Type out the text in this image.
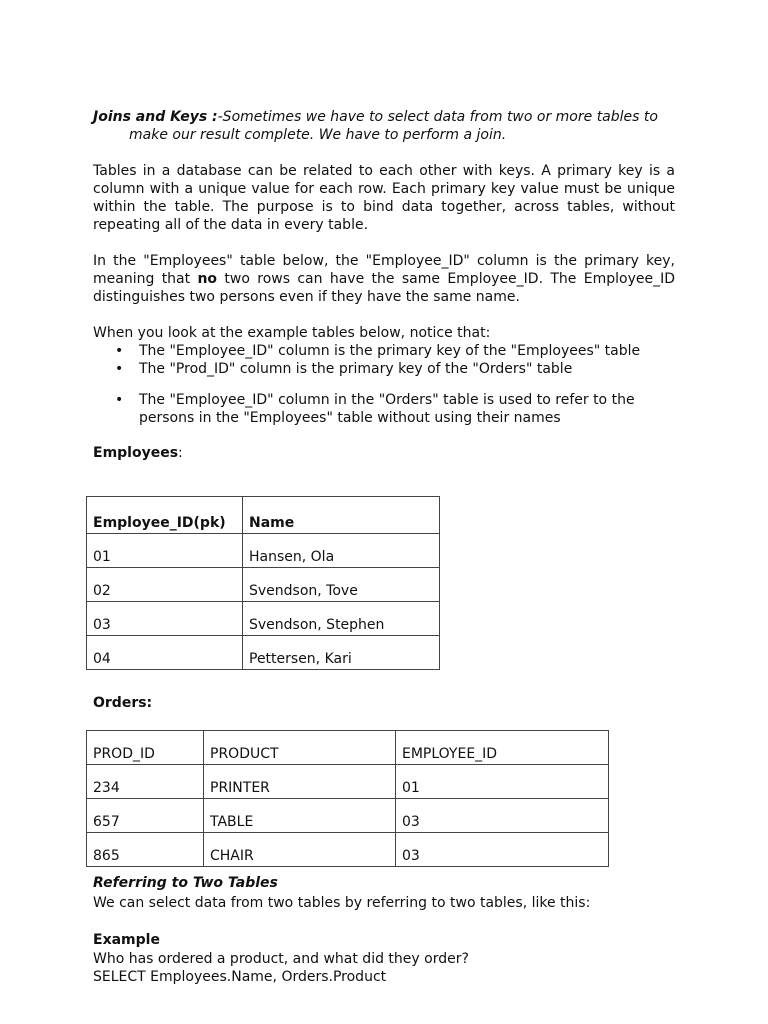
Joins and Keys :-Sometimes we have to select data from two or more tables to
make our result complete. We have to perform a join.

Tables in a database can be related to each other with keys. A primary key is a column with a unique value for each row. Each primary key value must be unique within the table. The purpose is to bind data together, across tables, without repeating all of the data in every table.

In the "Employees" table below, the "Employee_ID" column is the primary key, meaning that no two rows can have the same Employee_ID. The Employee_ID distinguishes two persons even if they have the same name.

When you look at the example tables below, notice that:

• The "Employee_ID" column is the primary key of the "Employees" table
• The "Prod_ID" column is the primary key of the "Orders" table
• The "Employee_ID" column in the "Orders" table is used to refer to the persons in the "Employees" table without using their names

Employees:

Employee_ID(pk)	Name
01	Hansen, Ola
02	Svendson, Tove
03	Svendson, Stephen
04	Pettersen, Kari

Orders:

PROD_ID	PRODUCT	EMPLOYEE_ID
234	PRINTER	01
657	TABLE	03
865	CHAIR	03

Referring to Two Tables

We can select data from two tables by referring to two tables, like this:

Example

Who has ordered a product, and what did they order?

SELECT Employees.Name, Orders.Product
